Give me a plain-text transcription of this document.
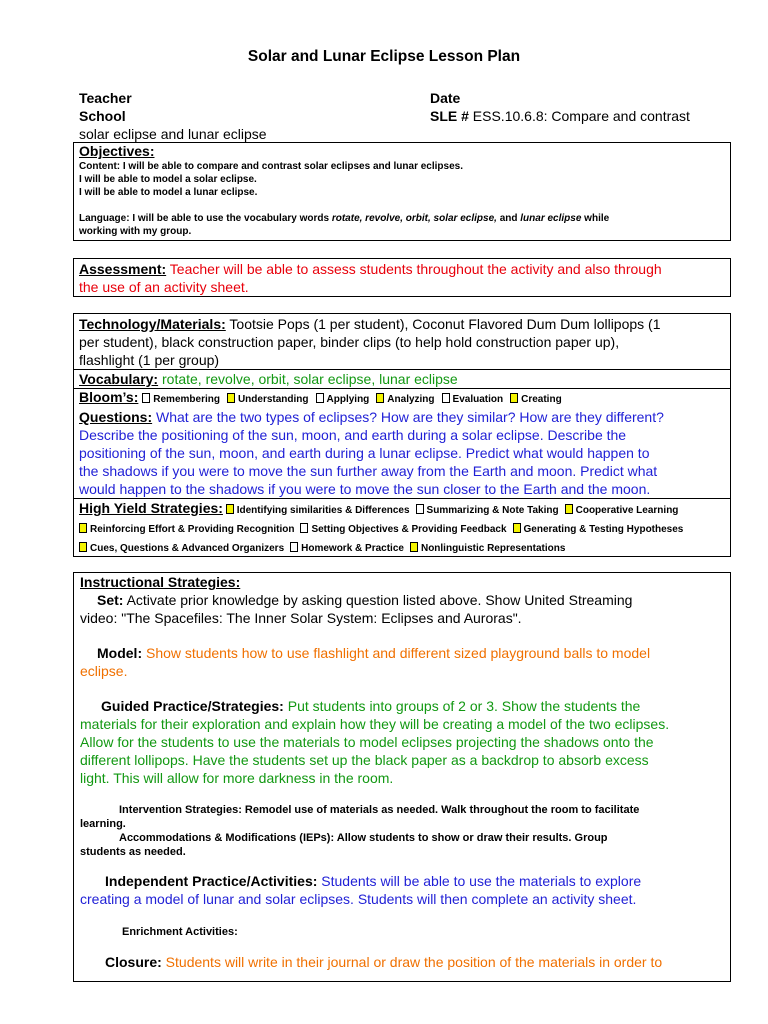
Solar and Lunar Eclipse Lesson Plan
Teacher
School
solar eclipse and lunar eclipse
Date
SLE # ESS.10.6.8: Compare and contrast
Objectives:
Content: I will be able to compare and contrast solar eclipses and lunar eclipses.
I will be able to model a solar eclipse.
I will be able to model a lunar eclipse.
Language: I will be able to use the vocabulary words rotate, revolve, orbit, solar eclipse, and lunar eclipse while
working with my group.
Assessment: Teacher will be able to assess students throughout the activity and also through
the use of an activity sheet.
Technology/Materials: Tootsie Pops (1 per student), Coconut Flavored Dum Dum lollipops (1
per student), black construction paper, binder clips (to help hold construction paper up),
flashlight (1 per group)
Vocabulary: rotate, revolve, orbit, solar eclipse, lunar eclipse
Bloom’s: Remembering Understanding Applying Analyzing Evaluation Creating
Questions: What are the two types of eclipses? How are they similar? How are they different?
Describe the positioning of the sun, moon, and earth during a solar eclipse. Describe the
positioning of the sun, moon, and earth during a lunar eclipse. Predict what would happen to
the shadows if you were to move the sun further away from the Earth and moon. Predict what
would happen to the shadows if you were to move the sun closer to the Earth and the moon.
High Yield Strategies: Identifying similarities & Differences Summarizing & Note Taking Cooperative Learning
Reinforcing Effort & Providing Recognition Setting Objectives & Providing Feedback Generating & Testing Hypotheses
Cues, Questions & Advanced Organizers Homework & Practice Nonlinguistic Representations
Instructional Strategies:
Set: Activate prior knowledge by asking question listed above. Show United Streaming
video: "The Spacefiles: The Inner Solar System: Eclipses and Auroras".
Model: Show students how to use flashlight and different sized playground balls to model
eclipse.
Guided Practice/Strategies: Put students into groups of 2 or 3. Show the students the
materials for their exploration and explain how they will be creating a model of the two eclipses.
Allow for the students to use the materials to model eclipses projecting the shadows onto the
different lollipops. Have the students set up the black paper as a backdrop to absorb excess
light. This will allow for more darkness in the room.
Intervention Strategies: Remodel use of materials as needed. Walk throughout the room to facilitate
learning.
Accommodations & Modifications (IEPs): Allow students to show or draw their results. Group
students as needed.
Independent Practice/Activities: Students will be able to use the materials to explore
creating a model of lunar and solar eclipses. Students will then complete an activity sheet.
Enrichment Activities:
Closure: Students will write in their journal or draw the position of the materials in order to
